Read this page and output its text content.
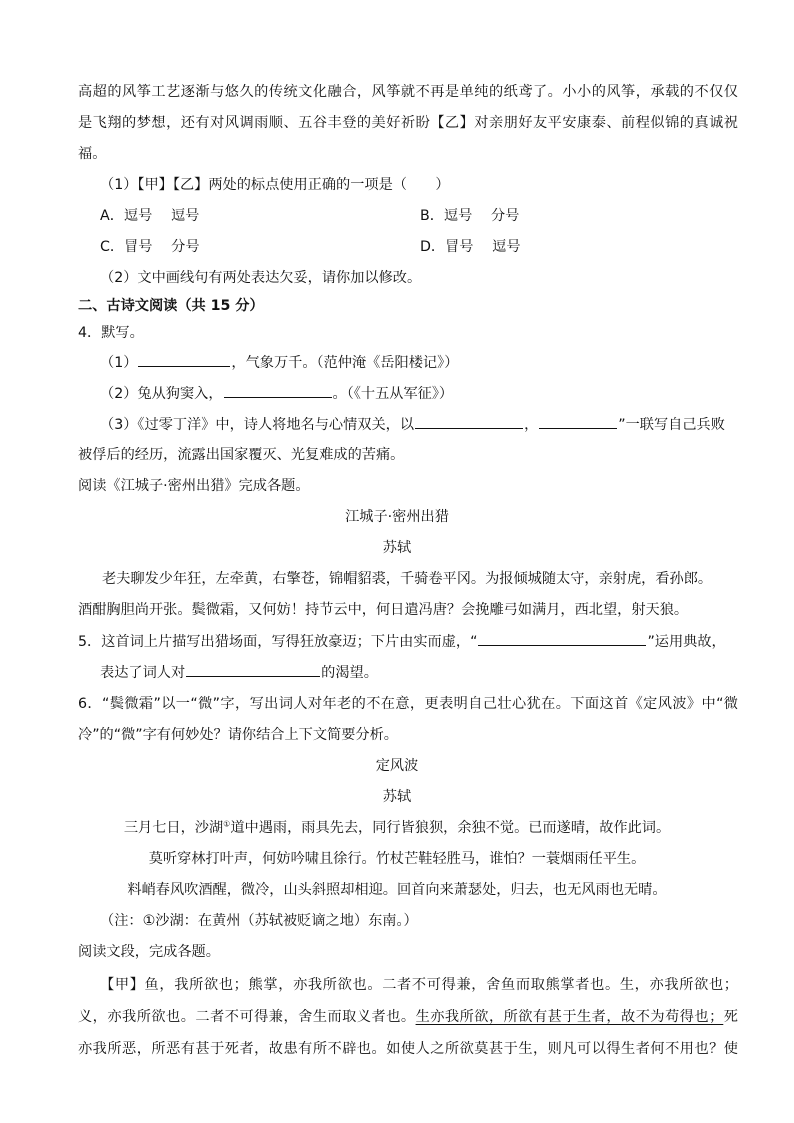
高超的风筝工艺逐渐与悠久的传统文化融合，风筝就不再是单纯的纸鸢了。小小的风筝，承载的不仅仅
是飞翔的梦想，还有对风调雨顺、五谷丰登的美好祈盼【乙】对亲朋好友平安康泰、前程似锦的真诚祝
福。
（1）【甲】【乙】两处的标点使用正确的一项是（　　）
A．逗号　 逗号	B．逗号　 分号
C．冒号　 分号	D．冒号　 逗号
（2）文中画线句有两处表达欠妥，请你加以修改。
二、古诗文阅读（共 15 分）
4．默写。
（1）	，气象万千。（范仲淹《岳阳楼记》）
（2）兔从狗窦入，	。（《十五从军征》）
（3）《过零丁洋》中，诗人将地名与心情双关，以	，	”一联写自己兵败
被俘后的经历，流露出国家覆灭、光复难成的苦痛。
阅读《江城子·密州出猎》完成各题。
江城子·密州出猎
苏轼
老夫聊发少年狂，左牵黄，右擎苍，锦帽貂裘，千骑卷平冈。为报倾城随太守，亲射虎，看孙郎。
酒酣胸胆尚开张。鬓微霜，又何妨！持节云中，何日遣冯唐？会挽雕弓如满月，西北望，射天狼。
5．这首词上片描写出猎场面，写得狂放豪迈；下片由实而虚，“	”运用典故，
表达了词人对	的渴望。
6．“鬓微霜”以一“微”字，写出词人对年老的不在意，更表明自己壮心犹在。下面这首《定风波》中“微
冷”的“微”字有何妙处？请你结合上下文简要分析。
定风波
苏轼
三月七日，沙湖①道中遇雨，雨具先去，同行皆狼狈，余独不觉。已而遂晴，故作此词。
莫听穿林打叶声，何妨吟啸且徐行。竹杖芒鞋轻胜马，谁怕？一蓑烟雨任平生。
料峭春风吹酒醒，微冷，山头斜照却相迎。回首向来萧瑟处，归去，也无风雨也无晴。
（注：①沙湖：在黄州（苏轼被贬谪之地）东南。）
阅读文段，完成各题。
【甲】鱼，我所欲也；熊掌，亦我所欲也。二者不可得兼，舍鱼而取熊掌者也。生，亦我所欲也；
义，亦我所欲也。二者不可得兼，舍生而取义者也。生亦我所欲，所欲有甚于生者，故不为苟得也；死
亦我所恶，所恶有甚于死者，故患有所不辟也。如使人之所欲莫甚于生，则凡可以得生者何不用也？使
